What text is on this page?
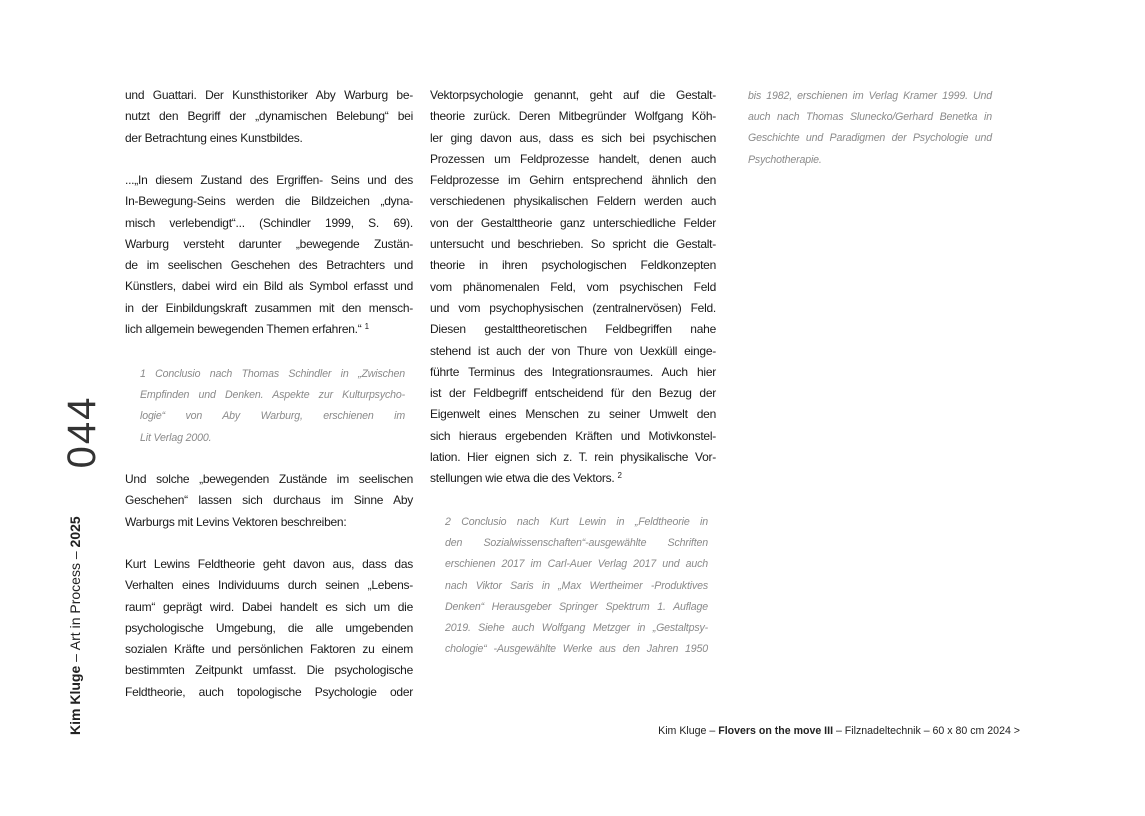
044
Kim Kluge – Art in Process – 2025
und Guattari. Der Kunsthistoriker Aby Warburg be-
nutzt den Begriff der „dynamischen Belebung“ bei
der Betrachtung eines Kunstbildes.
...„In diesem Zustand des Ergriffen- Seins und des
In-Bewegung-Seins werden die Bildzeichen „dyna-
misch verlebendigt“... (Schindler 1999, S. 69).
Warburg versteht darunter „bewegende Zustän-
de im seelischen Geschehen des Betrachters und
Künstlers, dabei wird ein Bild als Symbol erfasst und
in der Einbildungskraft zusammen mit den mensch-
lich allgemein bewegenden Themen erfahren.“ $^1$
1 Conclusio nach Thomas Schindler in „Zwischen
Empfinden und Denken. Aspekte zur Kulturpsycho-
logie“ von Aby Warburg, erschienen im
Lit Verlag 2000.
Und solche „bewegenden Zustände im seelischen
Geschehen“ lassen sich durchaus im Sinne Aby
Warburgs mit Levins Vektoren beschreiben:
Kurt Lewins Feldtheorie geht davon aus, dass das
Verhalten eines Individuums durch seinen „Lebens-
raum“ geprägt wird. Dabei handelt es sich um die
psychologische Umgebung, die alle umgebenden
sozialen Kräfte und persönlichen Faktoren zu einem
bestimmten Zeitpunkt umfasst. Die psychologische
Feldtheorie, auch topologische Psychologie oder
Vektorpsychologie genannt, geht auf die Gestalt-
theorie zurück. Deren Mitbegründer Wolfgang Köh-
ler ging davon aus, dass es sich bei psychischen
Prozessen um Feldprozesse handelt, denen auch
Feldprozesse im Gehirn entsprechend ähnlich den
verschiedenen physikalischen Feldern werden auch
von der Gestalttheorie ganz unterschiedliche Felder
untersucht und beschrieben. So spricht die Gestalt-
theorie in ihren psychologischen Feldkonzepten
vom phänomenalen Feld, vom psychischen Feld
und vom psychophysischen (zentralnervösen) Feld.
Diesen gestalttheoretischen Feldbegriffen nahe
stehend ist auch der von Thure von Uexküll einge-
führte Terminus des Integrationsraumes. Auch hier
ist der Feldbegriff entscheidend für den Bezug der
Eigenwelt eines Menschen zu seiner Umwelt den
sich hieraus ergebenden Kräften und Motivkonstel-
lation. Hier eignen sich z. T. rein physikalische Vor-
stellungen wie etwa die des Vektors. $^2$
2 Conclusio nach Kurt Lewin in „Feldtheorie in
den Sozialwissenschaften“-ausgewählte Schriften
erschienen 2017 im Carl-Auer Verlag 2017 und auch
nach Viktor Saris in „Max Wertheimer -Produktives
Denken“ Herausgeber Springer Spektrum 1. Auflage
2019. Siehe auch Wolfgang Metzger in „Gestaltpsy-
chologie“ -Ausgewählte Werke aus den Jahren 1950
bis 1982, erschienen im Verlag Kramer 1999. Und
auch nach Thomas Slunecko/Gerhard Benetka in
Geschichte und Paradigmen der Psychologie und
Psychotherapie.
Kim Kluge – Flovers on the move III – Filznadeltechnik – 60 x 80 cm 2024 >
